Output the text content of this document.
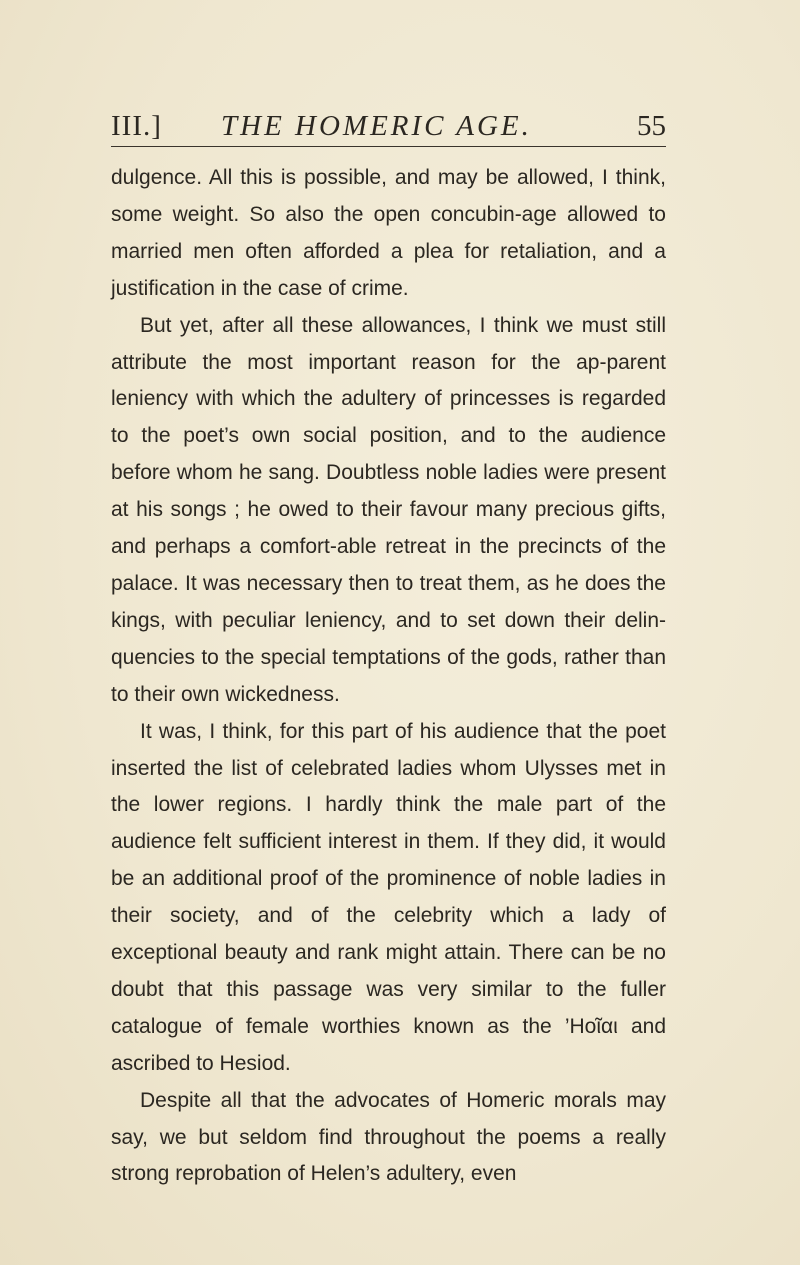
III.] THE HOMERIC AGE.	55

dulgence. All this is possible, and may be allowed, I think, some weight. So also the open concubin-age allowed to married men often afforded a plea for retaliation, and a justification in the case of crime.

But yet, after all these allowances, I think we must still attribute the most important reason for the ap-parent leniency with which the adultery of princesses is regarded to the poet’s own social position, and to the audience before whom he sang. Doubtless noble ladies were present at his songs ; he owed to their favour many precious gifts, and perhaps a comfort-able retreat in the precincts of the palace. It was necessary then to treat them, as he does the kings, with peculiar leniency, and to set down their delin-quencies to the special temptations of the gods, rather than to their own wickedness.

It was, I think, for this part of his audience that the poet inserted the list of celebrated ladies whom Ulysses met in the lower regions. I hardly think the male part of the audience felt sufficient interest in them. If they did, it would be an additional proof of the prominence of noble ladies in their society, and of the celebrity which a lady of exceptional beauty and rank might attain. There can be no doubt that this passage was very similar to the fuller catalogue of female worthies known as the ’Ηοῖαι and ascribed to Hesiod.

Despite all that the advocates of Homeric morals may say, we but seldom find throughout the poems a really strong reprobation of Helen’s adultery, even
